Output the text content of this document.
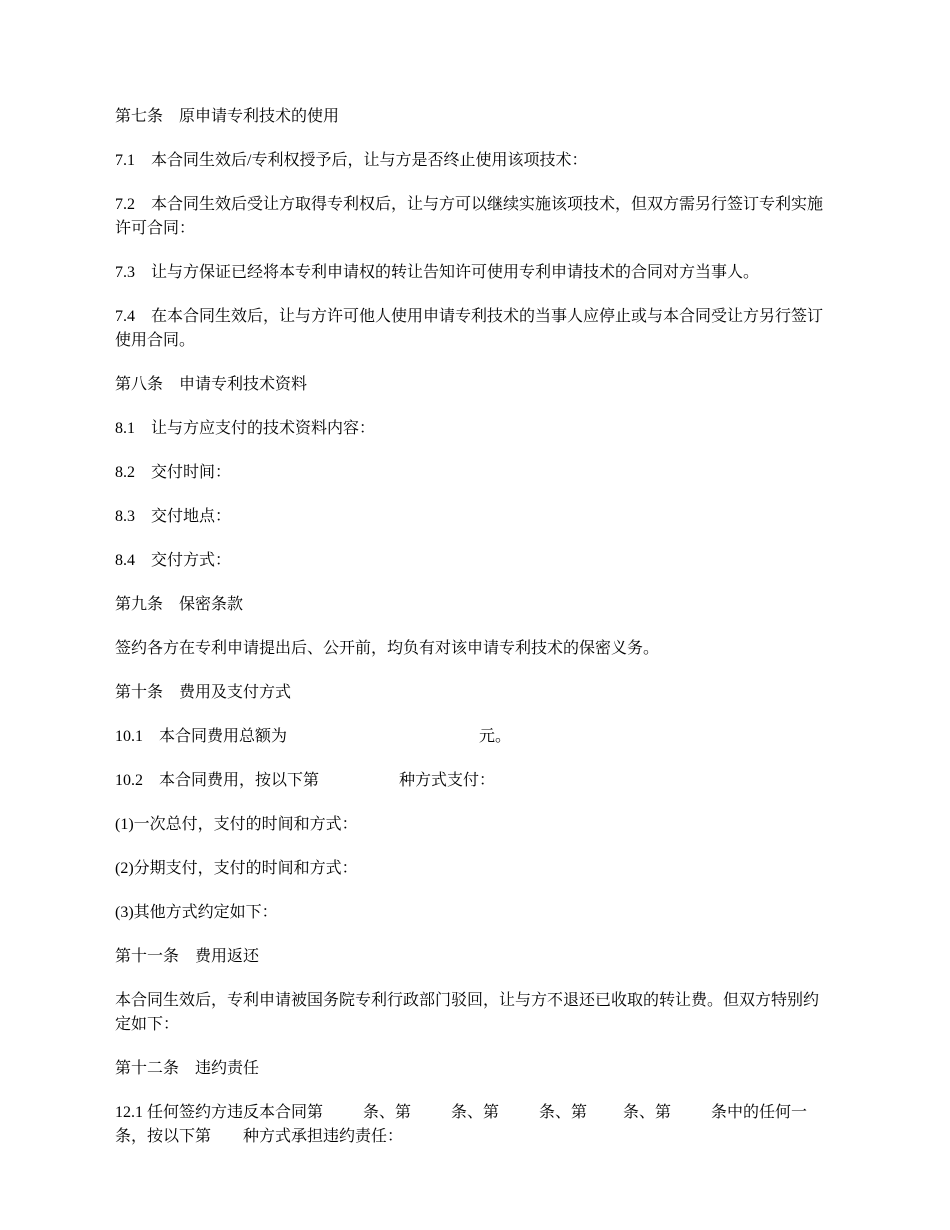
第七条    原申请专利技术的使用

7.1    本合同生效后/专利权授予后，让与方是否终止使用该项技术：

7.2    本合同生效后受让方取得专利权后，让与方可以继续实施该项技术，但双方需另行签订专利实施许可合同：

7.3    让与方保证已经将本专利申请权的转让告知许可使用专利申请技术的合同对方当事人。

7.4    在本合同生效后，让与方许可他人使用申请专利技术的当事人应停止或与本合同受让方另行签订使用合同。

第八条    申请专利技术资料

8.1    让与方应支付的技术资料内容：

8.2    交付时间：

8.3    交付地点：

8.4    交付方式：

第九条    保密条款

签约各方在专利申请提出后、公开前，均负有对该申请专利技术的保密义务。

第十条    费用及支付方式

10.1    本合同费用总额为                                                元。

10.2    本合同费用，按以下第                    种方式支付：

(1)一次总付，支付的时间和方式：

(2)分期支付，支付的时间和方式：

(3)其他方式约定如下：

第十一条    费用返还

本合同生效后，专利申请被国务院专利行政部门驳回，让与方不退还已收取的转让费。但双方特别约定如下：

第十二条    违约责任

12.1 任何签约方违反本合同第          条、第          条、第          条、第         条、第          条中的任何一条，按以下第        种方式承担违约责任：
